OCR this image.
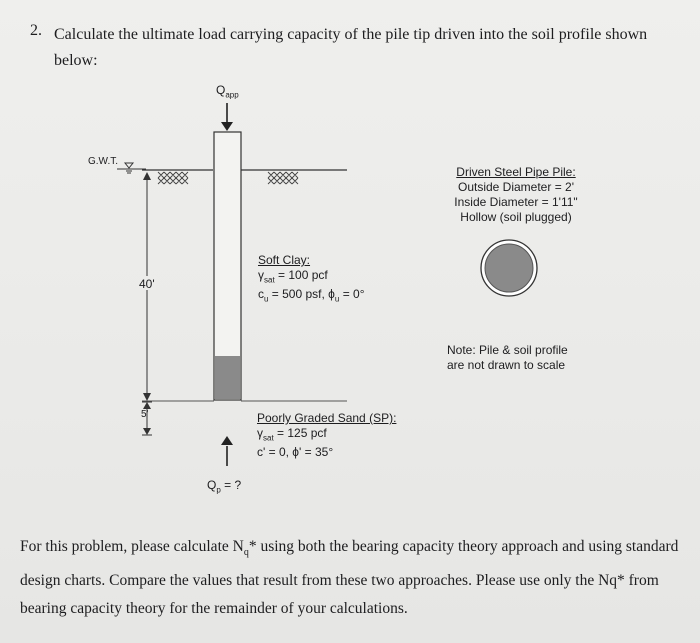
2. Calculate the ultimate load carrying capacity of the pile tip driven into the soil profile shown below:
$Q_{app}$
G.W.T.
40'
5'
Soft Clay:
$\gamma_{sat} = 100$ pcf
$c_u = 500$ psf, $\phi_u = 0^\circ$
Poorly Graded Sand (SP):
$\gamma_{sat} = 125$ pcf
c' = 0, ϕ' = 35°
$Q_p$ = ?
Driven Steel Pipe Pile:
Outside Diameter = 2'
Inside Diameter = 1'11"
Hollow (soil plugged)
Note: Pile & soil profile
are not drawn to scale
For this problem, please calculate $N_q*$ using both the bearing capacity theory approach and using standard design charts. Compare the values that result from these two approaches. Please use only the Nq* from bearing capacity theory for the remainder of your calculations.
